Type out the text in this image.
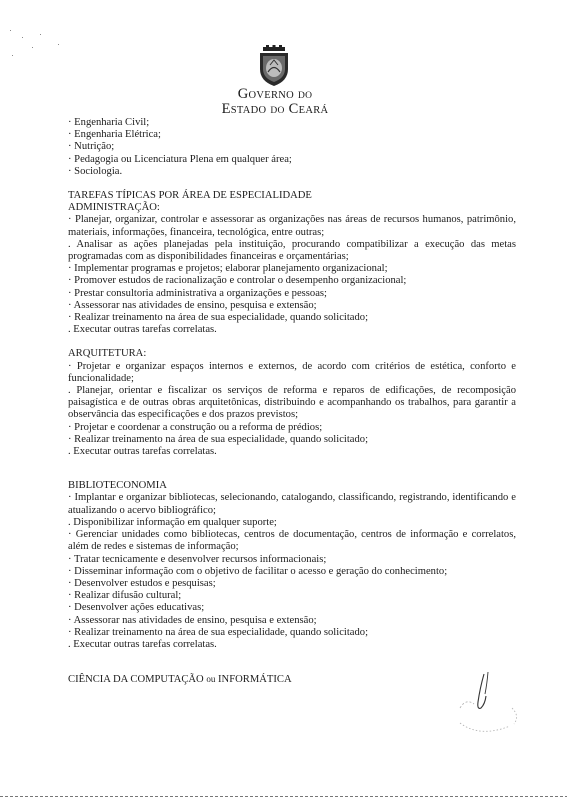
GOVERNO DO
ESTADO DO CEARÁ

· Engenharia Civil;

· Engenharia Elétrica;

· Nutrição;

· Pedagogia ou Licenciatura Plena em qualquer área;

· Sociologia.

TAREFAS TÍPICAS POR ÁREA DE ESPECIALIDADE

ADMINISTRAÇÃO:

· Planejar, organizar, controlar e assessorar as organizações nas áreas de recursos humanos, patrimônio, materiais, informações, financeira, tecnológica, entre outras;

. Analisar as ações planejadas pela instituição, procurando compatibilizar a execução das metas programadas com as disponibilidades financeiras e orçamentárias;

· Implementar programas e projetos; elaborar planejamento organizacional;

· Promover estudos de racionalização e controlar o desempenho organizacional;

· Prestar consultoria administrativa a organizações e pessoas;

· Assessorar nas atividades de ensino, pesquisa e extensão;

· Realizar treinamento na área de sua especialidade, quando solicitado;

. Executar outras tarefas correlatas.

ARQUITETURA:

· Projetar e organizar espaços internos e externos, de acordo com critérios de estética, conforto e funcionalidade;

. Planejar, orientar e fiscalizar os serviços de reforma e reparos de edificações, de recomposição paisagística e de outras obras arquitetônicas, distribuindo e acompanhando os trabalhos, para garantir a observância das especificações e dos prazos previstos;

· Projetar e coordenar a construção ou a reforma de prédios;

· Realizar treinamento na área de sua especialidade, quando solicitado;

. Executar outras tarefas correlatas.

BIBLIOTECONOMIA

· Implantar e organizar bibliotecas, selecionando, catalogando, classificando, registrando, identificando e atualizando o acervo bibliográfico;

. Disponibilizar informação em qualquer suporte;

· Gerenciar unidades como bibliotecas, centros de documentação, centros de informação e correlatos, além de redes e sistemas de informação;

· Tratar tecnicamente e desenvolver recursos informacionais;

· Disseminar informação com o objetivo de facilitar o acesso e geração do conhecimento;

· Desenvolver estudos e pesquisas;

· Realizar difusão cultural;

· Desenvolver ações educativas;

· Assessorar nas atividades de ensino, pesquisa e extensão;

· Realizar treinamento na área de sua especialidade, quando solicitado;

. Executar outras tarefas correlatas.

CIÊNCIA DA COMPUTAÇÃO ou INFORMÁTICA
